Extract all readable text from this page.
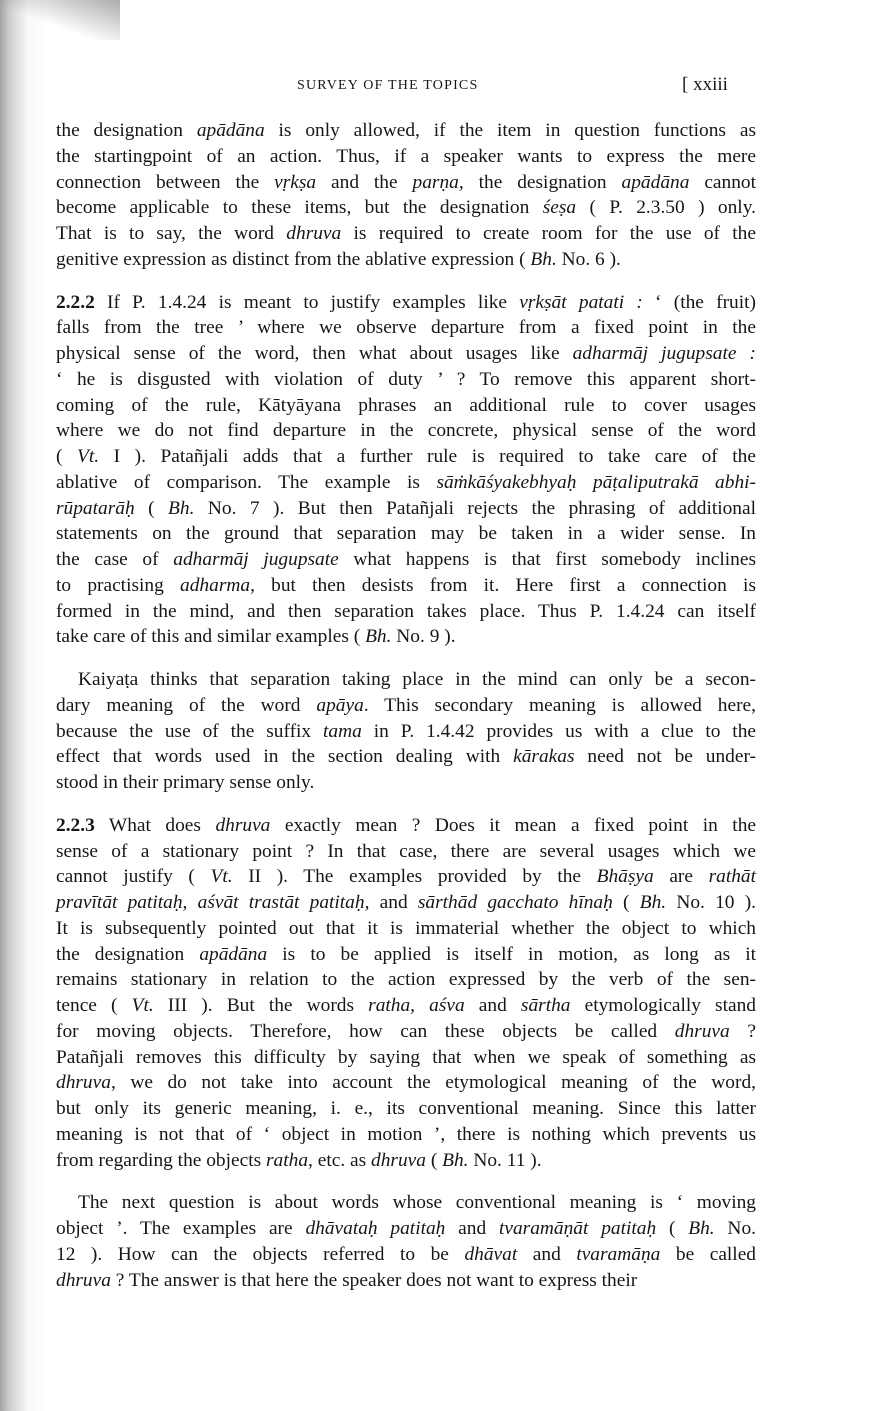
SURVEY OF THE TOPICS	[ xxiii
the designation apādāna is only allowed, if the item in question functions as
the startingpoint of an action. Thus, if a speaker wants to express the mere
connection between the vṛkṣa and the parṇa, the designation apādāna cannot
become applicable to these items, but the designation śeṣa ( P. 2.3.50 ) only.
That is to say, the word dhruva is required to create room for the use of the
genitive expression as distinct from the ablative expression ( Bh. No. 6 ).
2.2.2 If P. 1.4.24 is meant to justify examples like vṛkṣāt patati : ‘ (the fruit)
falls from the tree ’ where we observe departure from a fixed point in the
physical sense of the word, then what about usages like adharmāj jugupsate :
‘ he is disgusted with violation of duty ’ ? To remove this apparent short-
coming of the rule, Kātyāyana phrases an additional rule to cover usages
where we do not find departure in the concrete, physical sense of the word
( Vt. I ). Patañjali adds that a further rule is required to take care of the
ablative of comparison. The example is sāṁkāśyakebhyaḥ pāṭaliputrakā abhi-
rūpatarāḥ ( Bh. No. 7 ). But then Patañjali rejects the phrasing of additional
statements on the ground that separation may be taken in a wider sense. In
the case of adharmāj jugupsate what happens is that first somebody inclines
to practising adharma, but then desists from it. Here first a connection is
formed in the mind, and then separation takes place. Thus P. 1.4.24 can itself
take care of this and similar examples ( Bh. No. 9 ).
Kaiyaṭa thinks that separation taking place in the mind can only be a secon-
dary meaning of the word apāya. This secondary meaning is allowed here,
because the use of the suffix tama in P. 1.4.42 provides us with a clue to the
effect that words used in the section dealing with kārakas need not be under-
stood in their primary sense only.
2.2.3 What does dhruva exactly mean ? Does it mean a fixed point in the
sense of a stationary point ? In that case, there are several usages which we
cannot justify ( Vt. II ). The examples provided by the Bhāṣya are rathāt
pravītāt patitaḥ, aśvāt trastāt patitaḥ, and sārthād gacchato hīnaḥ ( Bh. No. 10 ).
It is subsequently pointed out that it is immaterial whether the object to which
the designation apādāna is to be applied is itself in motion, as long as it
remains stationary in relation to the action expressed by the verb of the sen-
tence ( Vt. III ). But the words ratha, aśva and sārtha etymologically stand
for moving objects. Therefore, how can these objects be called dhruva ?
Patañjali removes this difficulty by saying that when we speak of something as
dhruva, we do not take into account the etymological meaning of the word,
but only its generic meaning, i. e., its conventional meaning. Since this latter
meaning is not that of ‘ object in motion ’, there is nothing which prevents us
from regarding the objects ratha, etc. as dhruva ( Bh. No. 11 ).
The next question is about words whose conventional meaning is ‘ moving
object ’. The examples are dhāvataḥ patitaḥ and tvaramāṇāt patitaḥ ( Bh. No.
12 ). How can the objects referred to be dhāvat and tvaramāṇa be called
dhruva ? The answer is that here the speaker does not want to express their
